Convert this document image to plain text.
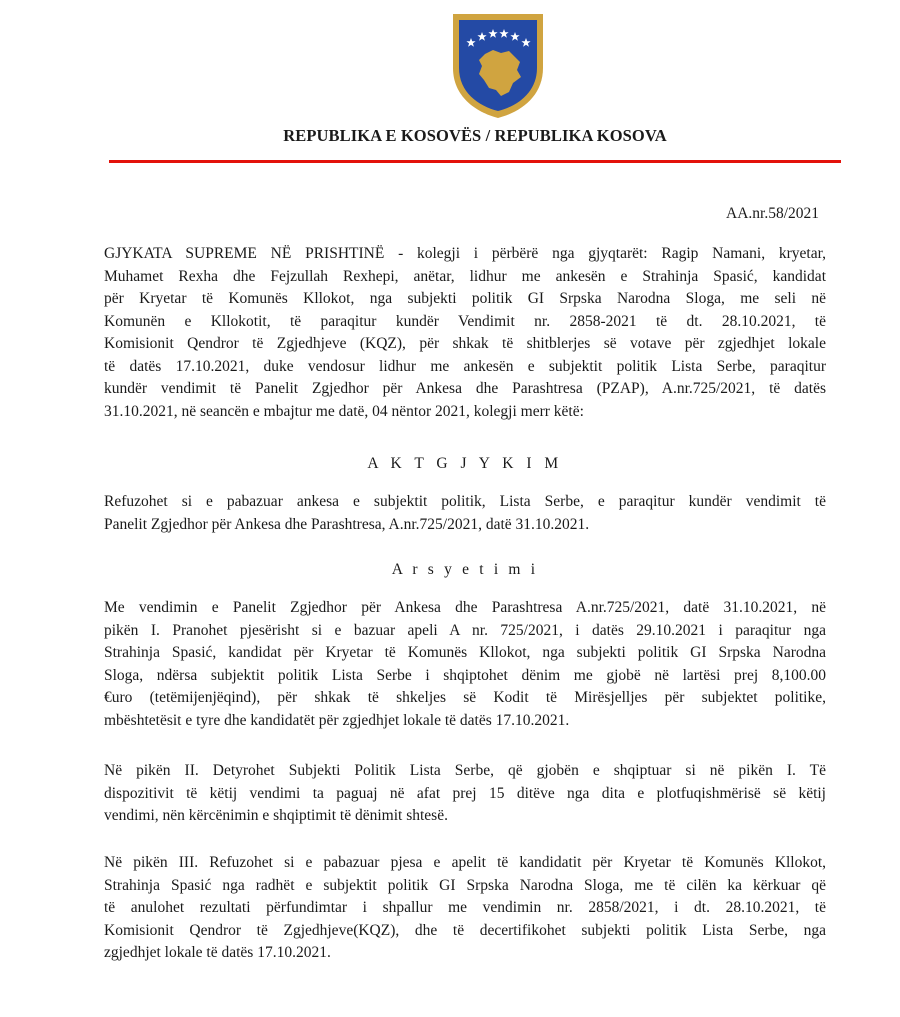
REPUBLIKA E KOSOVËS / REPUBLIKA KOSOVA
AA.nr.58/2021
GJYKATA SUPREME NË PRISHTINË - kolegji i përbërë nga gjyqtarët: Ragip Namani, kryetar,
Muhamet Rexha dhe Fejzullah Rexhepi, anëtar, lidhur me ankesën e Strahinja Spasić, kandidat
për Kryetar të Komunës Kllokot, nga subjekti politik GI Srpska Narodna Sloga, me seli në
Komunën e Kllokotit, të paraqitur kundër Vendimit nr. 2858-2021 të dt. 28.10.2021, të
Komisionit Qendror të Zgjedhjeve (KQZ), për shkak të shitblerjes së votave për zgjedhjet lokale
të datës 17.10.2021, duke vendosur lidhur me ankesën e subjektit politik Lista Serbe, paraqitur
kundër vendimit të Panelit Zgjedhor për Ankesa dhe Parashtresa (PZAP), A.nr.725/2021, të datës
31.10.2021, në seancën e mbajtur me datë, 04 nëntor 2021, kolegji merr këtë:
A K T G J Y K I M
Refuzohet si e pabazuar ankesa e subjektit politik, Lista Serbe, e paraqitur kundër vendimit të
Panelit Zgjedhor për Ankesa dhe Parashtresa, A.nr.725/2021, datë 31.10.2021.
A r s y e t i m i
Me vendimin e Panelit Zgjedhor për Ankesa dhe Parashtresa A.nr.725/2021, datë 31.10.2021, në
pikën I. Pranohet pjesërisht si e bazuar apeli A nr. 725/2021, i datës 29.10.2021 i paraqitur nga
Strahinja Spasić, kandidat për Kryetar të Komunës Kllokot, nga subjekti politik GI Srpska Narodna
Sloga, ndërsa subjektit politik Lista Serbe i shqiptohet dënim me gjobë në lartësi prej 8,100.00
€uro (tetëmijenjëqind), për shkak të shkeljes së Kodit të Mirësjelljes për subjektet politike,
mbështetësit e tyre dhe kandidatët për zgjedhjet lokale të datës 17.10.2021.
Në pikën II. Detyrohet Subjekti Politik Lista Serbe, që gjobën e shqiptuar si në pikën I. Të
dispozitivit të këtij vendimi ta paguaj në afat prej 15 ditëve nga dita e plotfuqishmërisë së këtij
vendimi, nën kërcënimin e shqiptimit të dënimit shtesë.
Në pikën III. Refuzohet si e pabazuar pjesa e apelit të kandidatit për Kryetar të Komunës Kllokot,
Strahinja Spasić nga radhët e subjektit politik GI Srpska Narodna Sloga, me të cilën ka kërkuar që
të anulohet rezultati përfundimtar i shpallur me vendimin nr. 2858/2021, i dt. 28.10.2021, të
Komisionit Qendror të Zgjedhjeve(KQZ), dhe të decertifikohet subjekti politik Lista Serbe, nga
zgjedhjet lokale të datës 17.10.2021.
